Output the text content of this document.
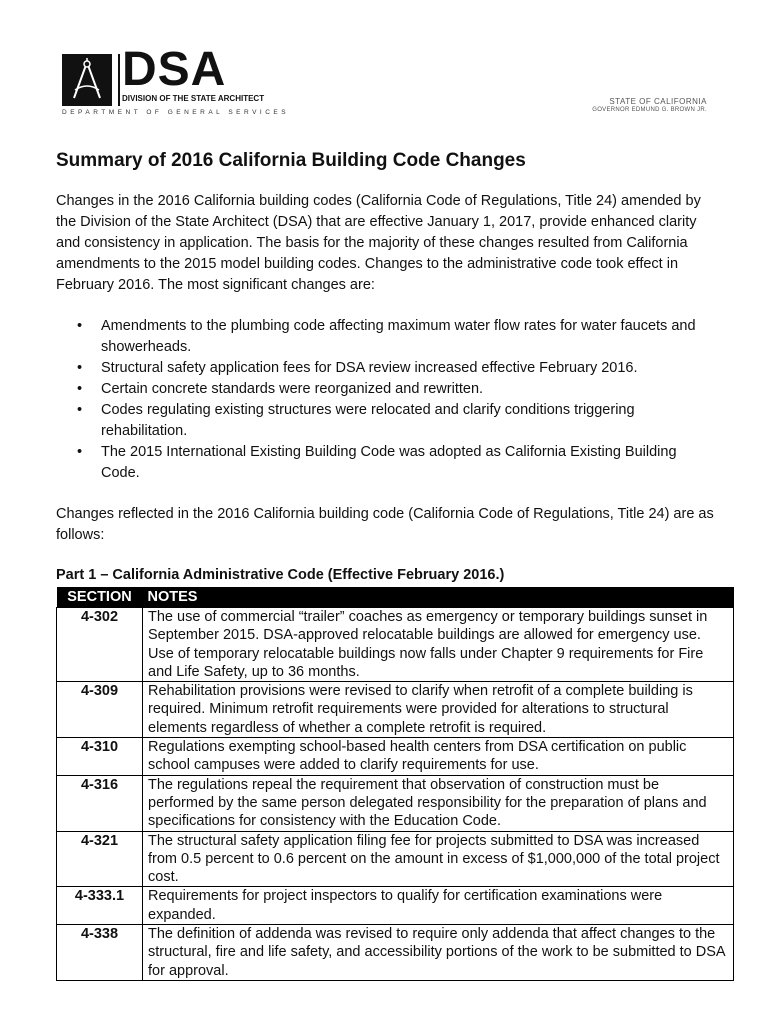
DSA
DIVISION OF THE STATE ARCHITECT
DEPARTMENT OF GENERAL SERVICES
STATE OF CALIFORNIA
GOVERNOR EDMUND G. BROWN JR.
Summary of 2016 California Building Code Changes

Changes in the 2016 California building codes (California Code of Regulations, Title 24) amended by the Division of the State Architect (DSA) that are effective January 1, 2017, provide enhanced clarity and consistency in application. The basis for the majority of these changes resulted from California amendments to the 2015 model building codes. Changes to the administrative code took effect in February 2016. The most significant changes are:

• Amendments to the plumbing code affecting maximum water flow rates for water faucets and showerheads.
• Structural safety application fees for DSA review increased effective February 2016.
• Certain concrete standards were reorganized and rewritten.
• Codes regulating existing structures were relocated and clarify conditions triggering rehabilitation.
• The 2015 International Existing Building Code was adopted as California Existing Building Code.

Changes reflected in the 2016 California building code (California Code of Regulations, Title 24) are as follows:

Part 1 – California Administrative Code (Effective February 2016.)

SECTION	NOTES
4-302	The use of commercial “trailer” coaches as emergency or temporary buildings sunset in September 2015. DSA-approved relocatable buildings are allowed for emergency use. Use of temporary relocatable buildings now falls under Chapter 9 requirements for Fire and Life Safety, up to 36 months.
4-309	Rehabilitation provisions were revised to clarify when retrofit of a complete building is required. Minimum retrofit requirements were provided for alterations to structural elements regardless of whether a complete retrofit is required.
4-310	Regulations exempting school-based health centers from DSA certification on public school campuses were added to clarify requirements for use.
4-316	The regulations repeal the requirement that observation of construction must be performed by the same person delegated responsibility for the preparation of plans and specifications for consistency with the Education Code.
4-321	The structural safety application filing fee for projects submitted to DSA was increased from 0.5 percent to 0.6 percent on the amount in excess of $1,000,000 of the total project cost.
4-333.1	Requirements for project inspectors to qualify for certification examinations were expanded.
4-338	The definition of addenda was revised to require only addenda that affect changes to the structural, fire and life safety, and accessibility portions of the work to be submitted to DSA for approval.
